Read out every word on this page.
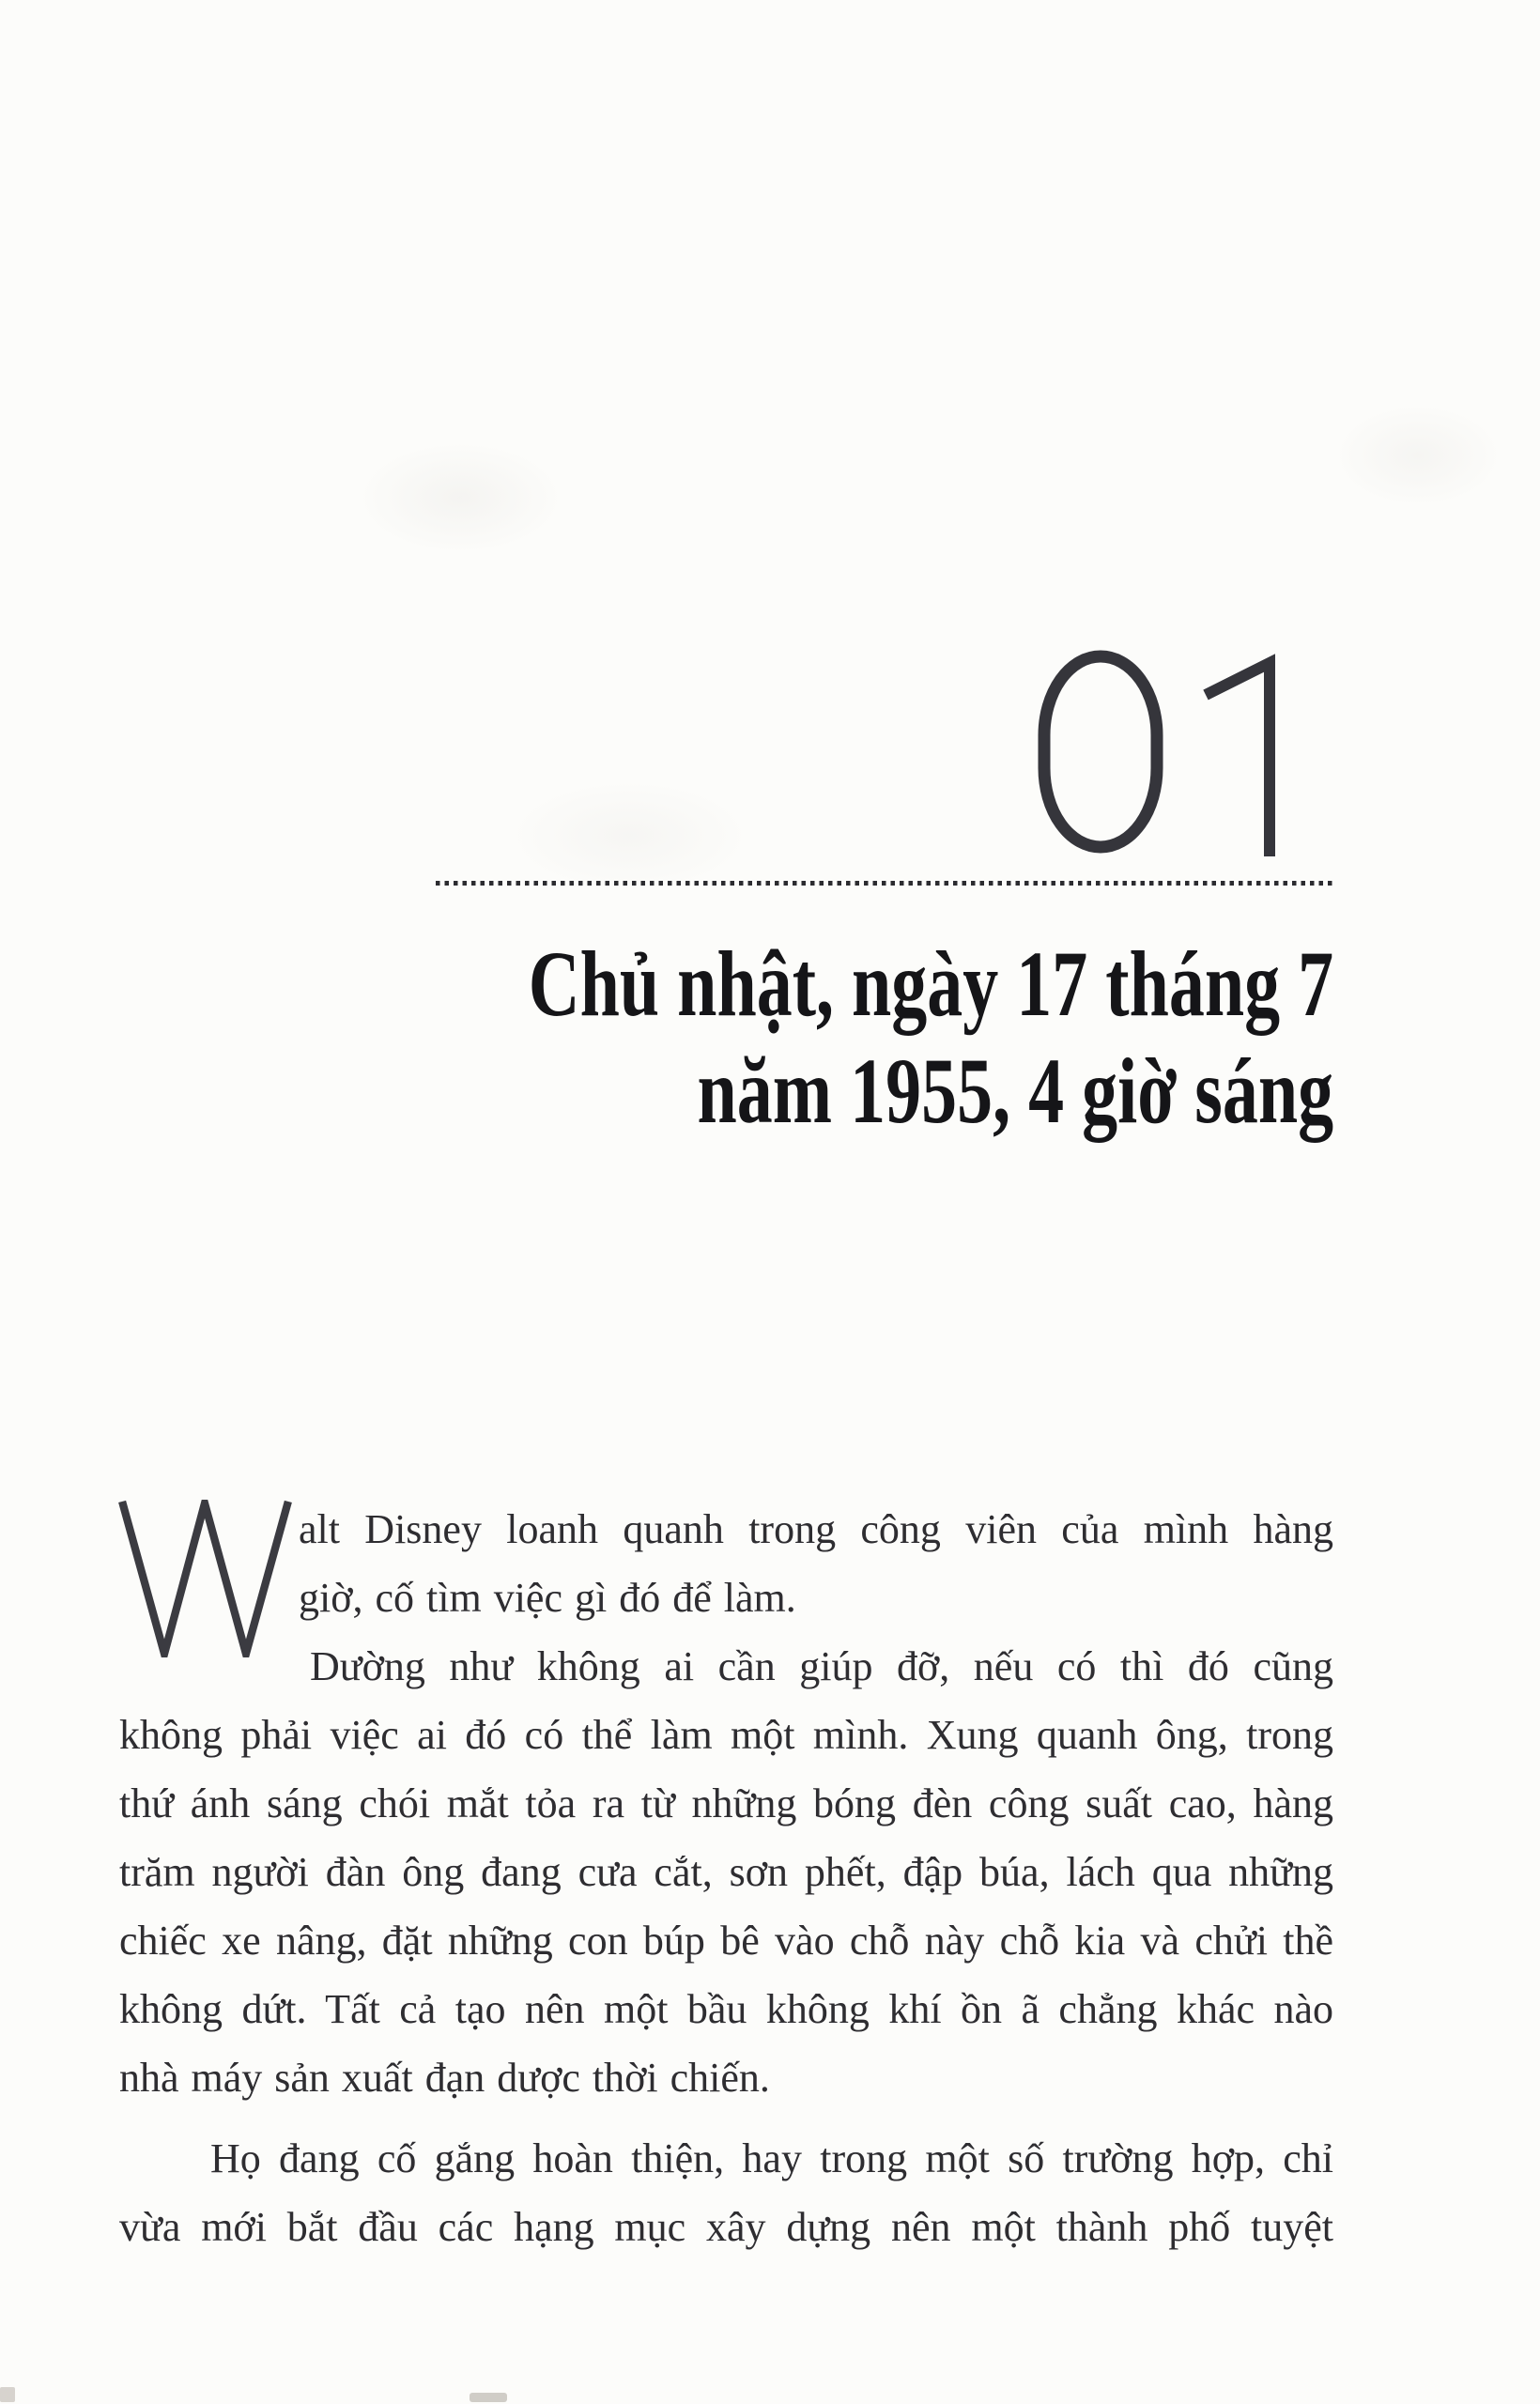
Chủ nhật, ngày 17 tháng 7
năm 1955, 4 giờ sáng
alt Disney loanh quanh trong công viên của mình hàng
giờ, cố tìm việc gì đó để làm.
Dường như không ai cần giúp đỡ, nếu có thì đó cũng
không phải việc ai đó có thể làm một mình. Xung quanh ông, trong
thứ ánh sáng chói mắt tỏa ra từ những bóng đèn công suất cao, hàng
trăm người đàn ông đang cưa cắt, sơn phết, đập búa, lách qua những
chiếc xe nâng, đặt những con búp bê vào chỗ này chỗ kia và chửi thề
không dứt. Tất cả tạo nên một bầu không khí ồn ã chẳng khác nào
nhà máy sản xuất đạn dược thời chiến.
Họ đang cố gắng hoàn thiện, hay trong một số trường hợp, chỉ
vừa mới bắt đầu các hạng mục xây dựng nên một thành phố tuyệt
